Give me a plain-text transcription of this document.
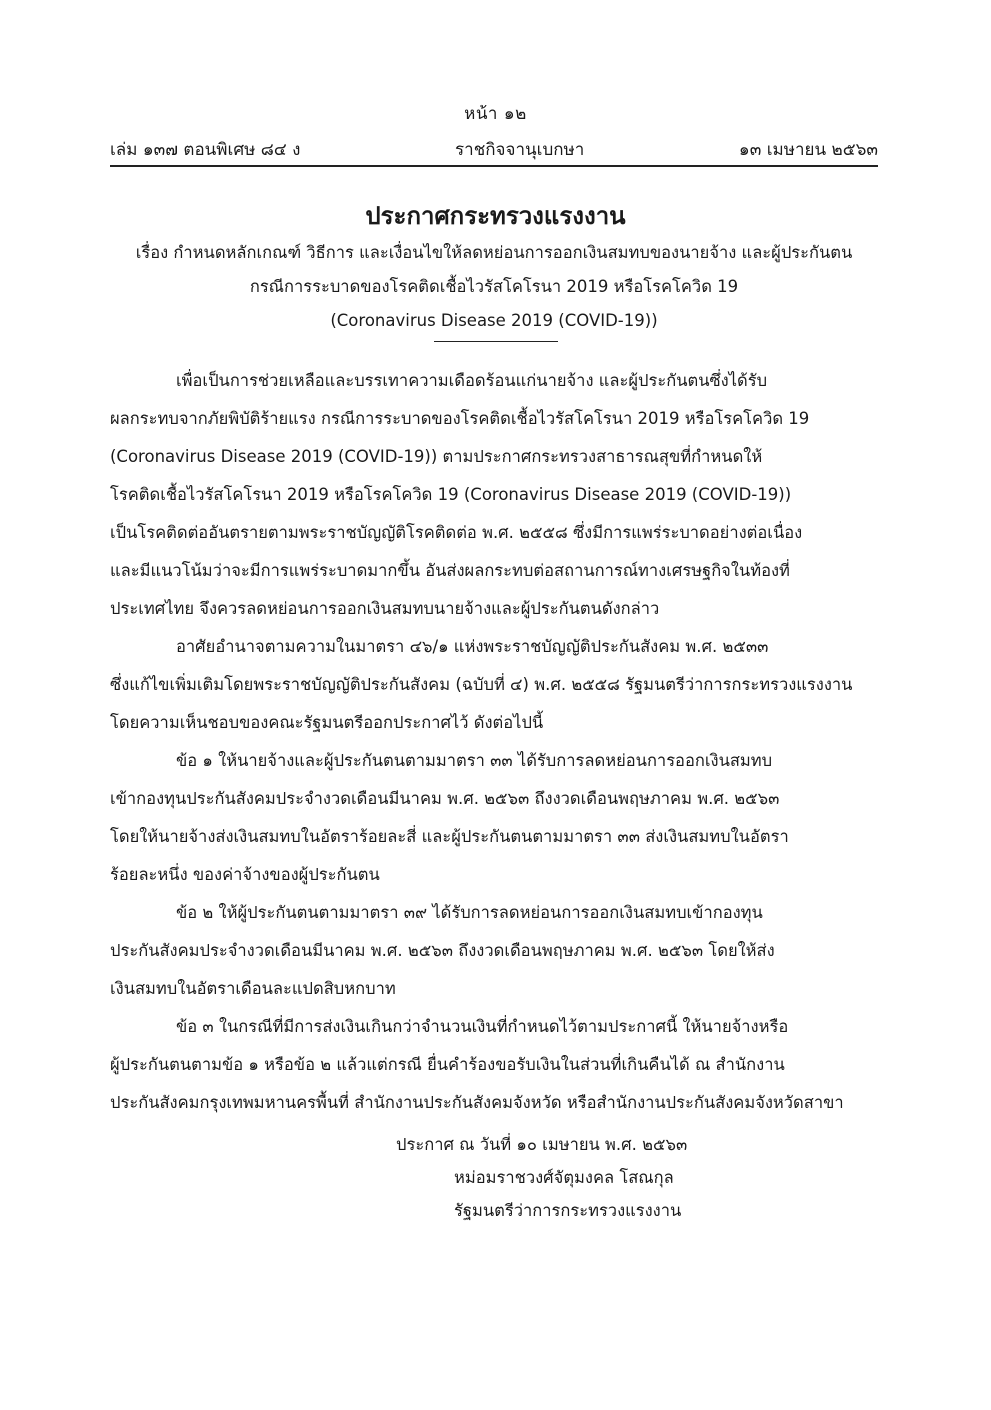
หน้า ๑๒
เล่ม ๑๓๗ ตอนพิเศษ ๘๔ ง	ราชกิจจานุเบกษา	๑๓ เมษายน ๒๕๖๓
ประกาศกระทรวงแรงงาน
เรื่อง กำหนดหลักเกณฑ์ วิธีการ และเงื่อนไขให้ลดหย่อนการออกเงินสมทบของนายจ้าง และผู้ประกันตน
กรณีการระบาดของโรคติดเชื้อไวรัสโคโรนา 2019 หรือโรคโควิด 19
(Coronavirus Disease 2019 (COVID-19))
เพื่อเป็นการช่วยเหลือและบรรเทาความเดือดร้อนแก่นายจ้าง และผู้ประกันตนซึ่งได้รับ
ผลกระทบจากภัยพิบัติร้ายแรง กรณีการระบาดของโรคติดเชื้อไวรัสโคโรนา 2019 หรือโรคโควิด 19
(Coronavirus Disease 2019 (COVID-19)) ตามประกาศกระทรวงสาธารณสุขที่กำหนดให้
โรคติดเชื้อไวรัสโคโรนา 2019 หรือโรคโควิด 19 (Coronavirus Disease 2019 (COVID-19))
เป็นโรคติดต่ออันตรายตามพระราชบัญญัติโรคติดต่อ พ.ศ. ๒๕๕๘ ซึ่งมีการแพร่ระบาดอย่างต่อเนื่อง
และมีแนวโน้มว่าจะมีการแพร่ระบาดมากขึ้น อันส่งผลกระทบต่อสถานการณ์ทางเศรษฐกิจในท้องที่
ประเทศไทย จึงควรลดหย่อนการออกเงินสมทบนายจ้างและผู้ประกันตนดังกล่าว
อาศัยอำนาจตามความในมาตรา ๔๖/๑ แห่งพระราชบัญญัติประกันสังคม พ.ศ. ๒๕๓๓
ซึ่งแก้ไขเพิ่มเติมโดยพระราชบัญญัติประกันสังคม (ฉบับที่ ๔) พ.ศ. ๒๕๕๘ รัฐมนตรีว่าการกระทรวงแรงงาน
โดยความเห็นชอบของคณะรัฐมนตรีออกประกาศไว้ ดังต่อไปนี้
ข้อ ๑ ให้นายจ้างและผู้ประกันตนตามมาตรา ๓๓ ได้รับการลดหย่อนการออกเงินสมทบ
เข้ากองทุนประกันสังคมประจำงวดเดือนมีนาคม พ.ศ. ๒๕๖๓ ถึงงวดเดือนพฤษภาคม พ.ศ. ๒๕๖๓
โดยให้นายจ้างส่งเงินสมทบในอัตราร้อยละสี่ และผู้ประกันตนตามมาตรา ๓๓ ส่งเงินสมทบในอัตรา
ร้อยละหนึ่ง ของค่าจ้างของผู้ประกันตน
ข้อ ๒ ให้ผู้ประกันตนตามมาตรา ๓๙ ได้รับการลดหย่อนการออกเงินสมทบเข้ากองทุน
ประกันสังคมประจำงวดเดือนมีนาคม พ.ศ. ๒๕๖๓ ถึงงวดเดือนพฤษภาคม พ.ศ. ๒๕๖๓ โดยให้ส่ง
เงินสมทบในอัตราเดือนละแปดสิบหกบาท
ข้อ ๓ ในกรณีที่มีการส่งเงินเกินกว่าจำนวนเงินที่กำหนดไว้ตามประกาศนี้ ให้นายจ้างหรือ
ผู้ประกันตนตามข้อ ๑ หรือข้อ ๒ แล้วแต่กรณี ยื่นคำร้องขอรับเงินในส่วนที่เกินคืนได้ ณ สำนักงาน
ประกันสังคมกรุงเทพมหานครพื้นที่ สำนักงานประกันสังคมจังหวัด หรือสำนักงานประกันสังคมจังหวัดสาขา
ประกาศ ณ วันที่ ๑๐ เมษายน พ.ศ. ๒๕๖๓
หม่อมราชวงศ์จัตุมงคล โสณกุล
รัฐมนตรีว่าการกระทรวงแรงงาน
